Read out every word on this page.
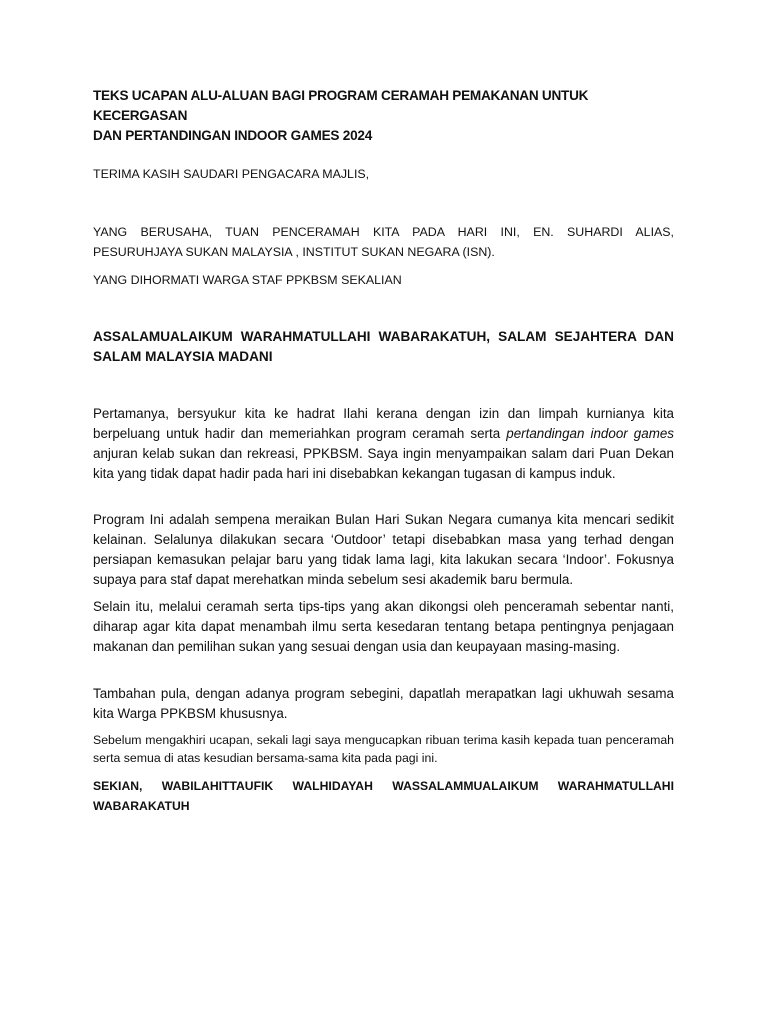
TEKS UCAPAN ALU-ALUAN BAGI PROGRAM CERAMAH PEMAKANAN UNTUK KECERGASAN
DAN PERTANDINGAN INDOOR GAMES 2024

TERIMA KASIH SAUDARI PENGACARA MAJLIS,

YANG BERUSAHA, TUAN PENCERAMAH KITA PADA HARI INI, EN. SUHARDI ALIAS,
PESURUHJAYA SUKAN MALAYSIA , INSTITUT SUKAN NEGARA (ISN).

YANG DIHORMATI WARGA STAF PPKBSM SEKALIAN

ASSALAMUALAIKUM WARAHMATULLAHI WABARAKATUH, SALAM SEJAHTERA DAN
SALAM MALAYSIA MADANI

Pertamanya, bersyukur kita ke hadrat Ilahi kerana dengan izin dan limpah kurnianya kita berpeluang untuk hadir dan memeriahkan program ceramah serta pertandingan indoor games anjuran kelab sukan dan rekreasi, PPKBSM. Saya ingin menyampaikan salam dari Puan Dekan kita yang tidak dapat hadir pada hari ini disebabkan kekangan tugasan di kampus induk.

Program Ini adalah sempena meraikan Bulan Hari Sukan Negara cumanya kita mencari sedikit kelainan. Selalunya dilakukan secara ‘Outdoor’ tetapi disebabkan masa yang terhad dengan persiapan kemasukan pelajar baru yang tidak lama lagi, kita lakukan secara ‘Indoor’. Fokusnya supaya para staf dapat merehatkan minda sebelum sesi akademik baru bermula.

Selain itu, melalui ceramah serta tips-tips yang akan dikongsi oleh penceramah sebentar nanti, diharap agar kita dapat menambah ilmu serta kesedaran tentang betapa pentingnya penjagaan makanan dan pemilihan sukan yang sesuai dengan usia dan keupayaan masing-masing.

Tambahan pula, dengan adanya program sebegini, dapatlah merapatkan lagi ukhuwah sesama kita Warga PPKBSM khususnya.

Sebelum mengakhiri ucapan, sekali lagi saya mengucapkan ribuan terima kasih kepada tuan penceramah serta semua di atas kesudian bersama-sama kita pada pagi ini.

SEKIAN, WABILAHITTAUFIK WALHIDAYAH WASSALAMMUALAIKUM WARAHMATULLAHI
WABARAKATUH
